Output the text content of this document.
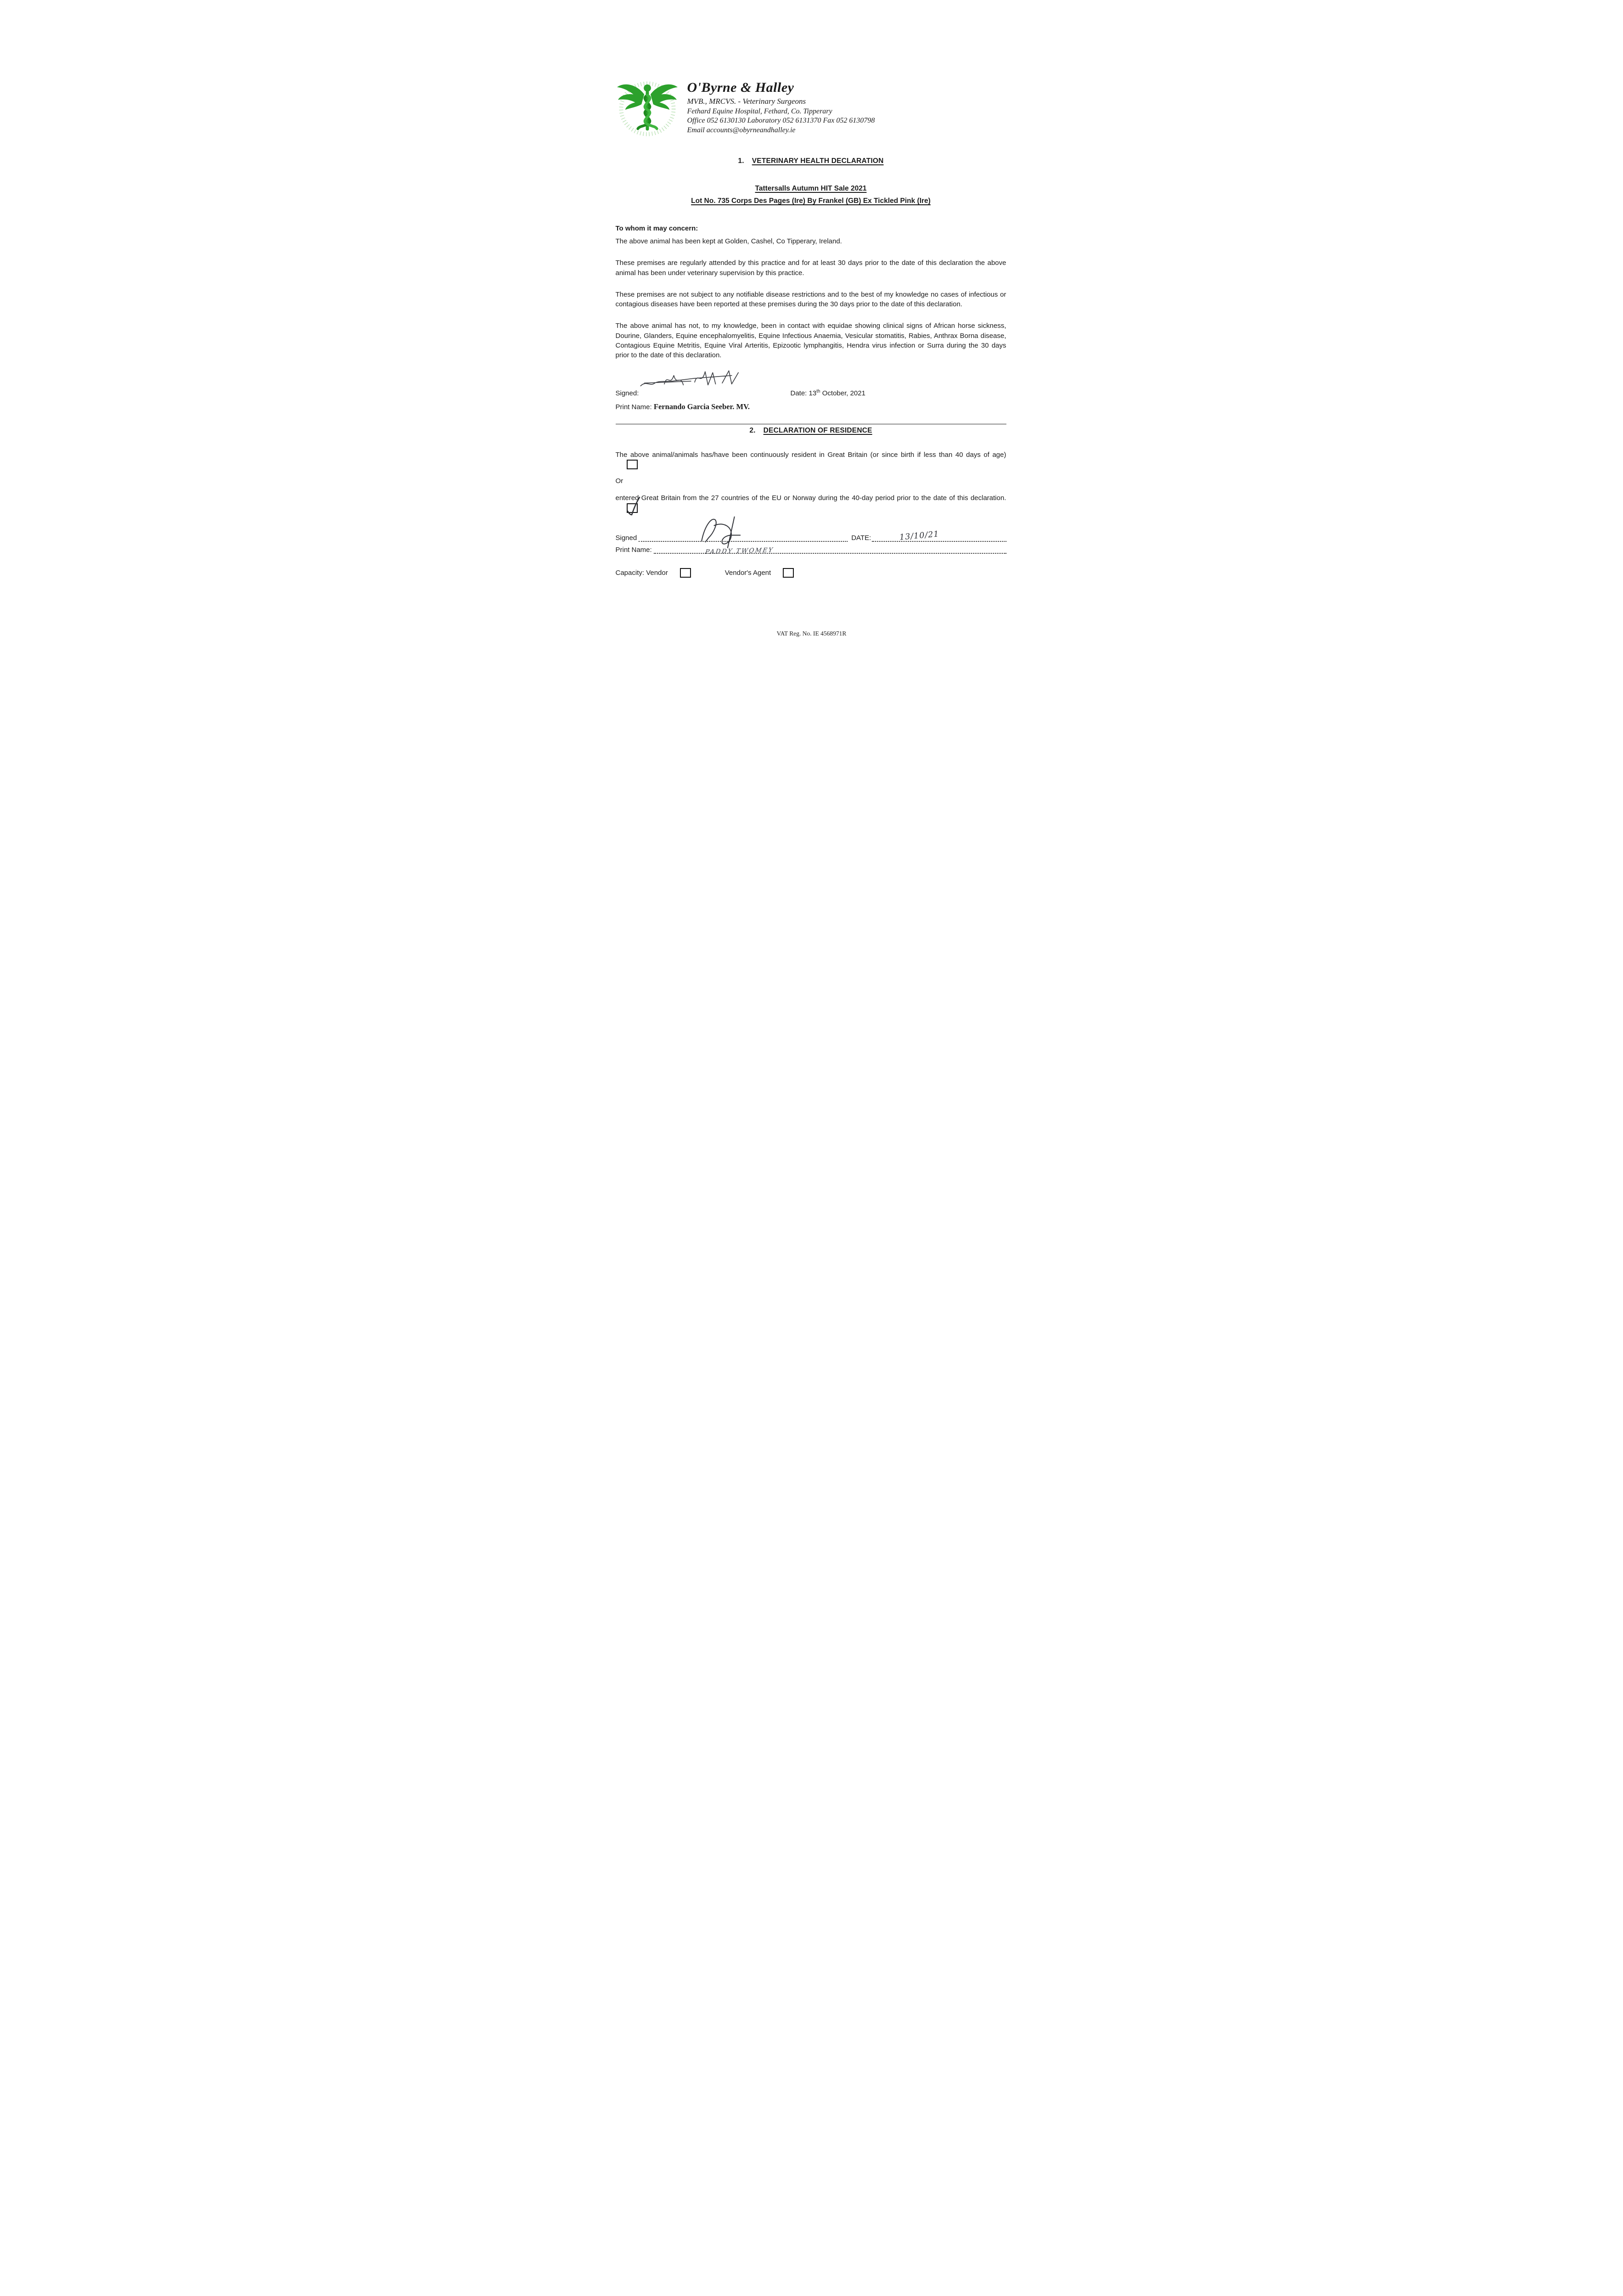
O'Byrne & Halley
MVB., MRCVS. - Veterinary Surgeons
Fethard Equine Hospital, Fethard, Co. Tipperary
Office 052 6130130 Laboratory 052 6131370 Fax 052 6130798
Email accounts@obyrneandhalley.ie
1. VETERINARY HEALTH DECLARATION
Tattersalls Autumn HIT Sale 2021
Lot No. 735 Corps Des Pages (Ire) By Frankel (GB) Ex Tickled Pink (Ire)

To whom it may concern:

The above animal has been kept at Golden, Cashel, Co Tipperary, Ireland.

These premises are regularly attended by this practice and for at least 30 days prior to the date of this declaration the above animal has been under veterinary supervision by this practice.

These premises are not subject to any notifiable disease restrictions and to the best of my knowledge no cases of infectious or contagious diseases have been reported at these premises during the 30 days prior to the date of this declaration.

The above animal has not, to my knowledge, been in contact with equidae showing clinical signs of African horse sickness, Dourine, Glanders, Equine encephalomyelitis, Equine Infectious Anaemia, Vesicular stomatitis, Rabies, Anthrax Borna disease, Contagious Equine Metritis, Equine Viral Arteritis, Epizootic lymphangitis, Hendra virus infection or Surra during the 30 days prior to the date of this declaration.

Signed:	Date: 13th October, 2021
Print Name: Fernando Garcia Seeber. MV.
2. DECLARATION OF RESIDENCE

The above animal/animals has/have been continuously resident in Great Britain (or since birth if less than 40 days of age)

Or

entered Great Britain from the 27 countries of the EU or Norway during the 40-day period prior to the date of this declaration.

Signed	DATE:	13/10/21
Print Name:	PADDY TWOMEY
Capacity: Vendor	Vendor's Agent
VAT Reg. No. IE 4568971R
